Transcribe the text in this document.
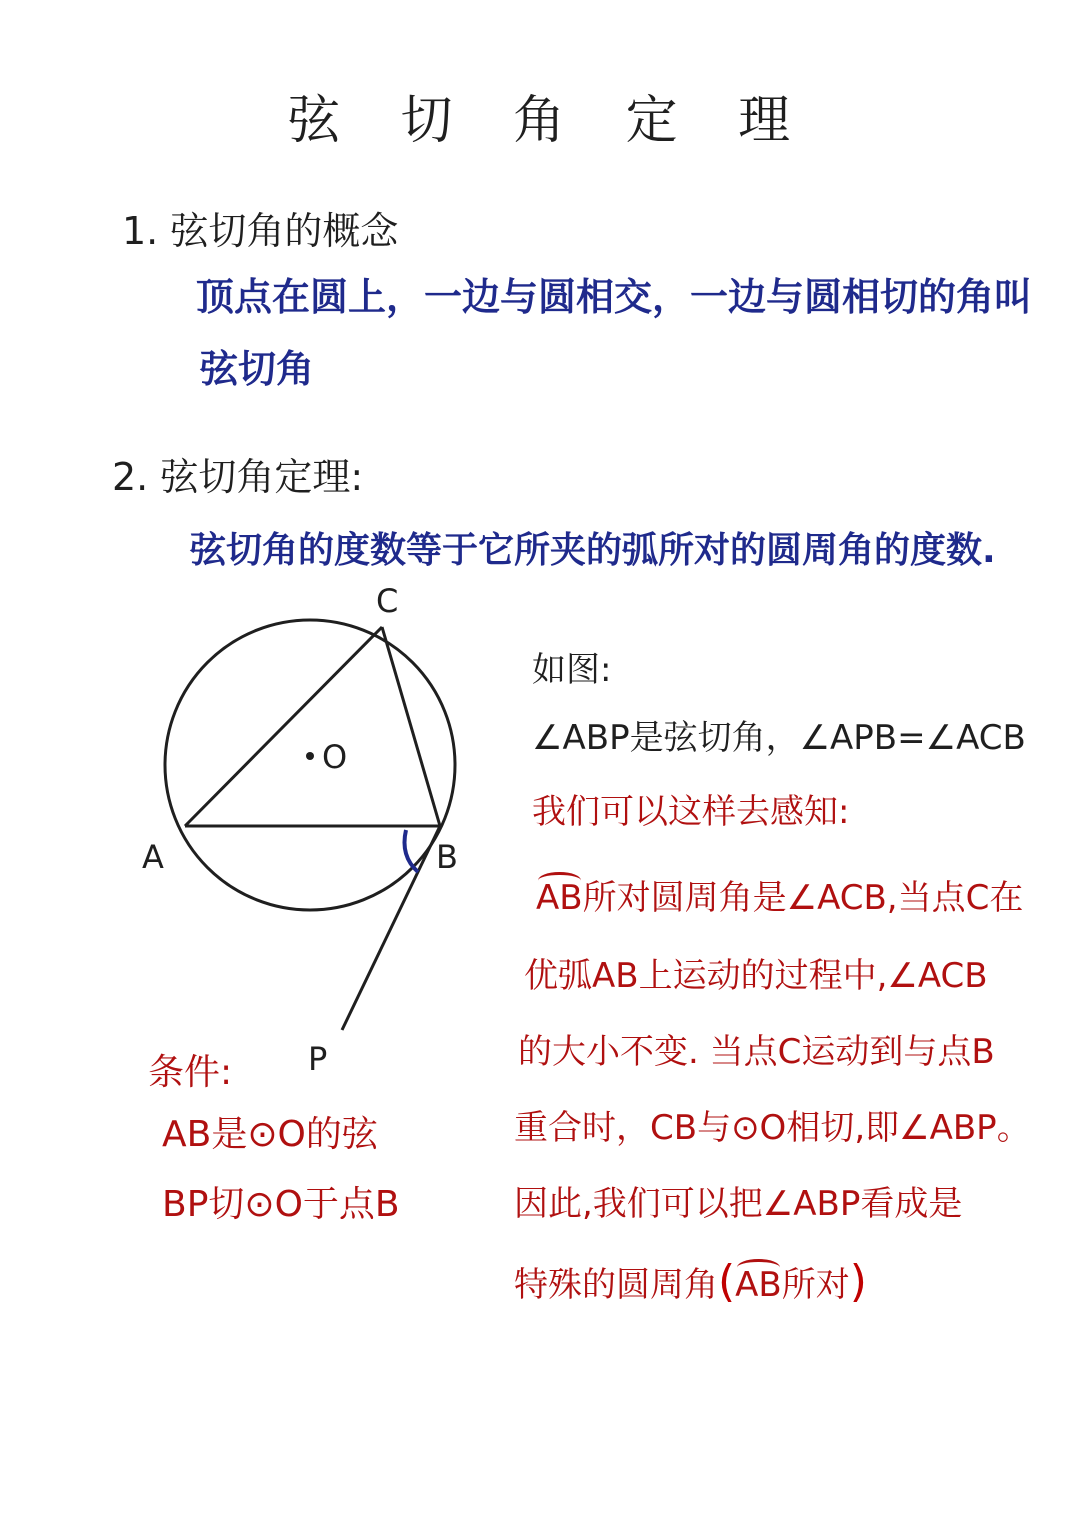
弦 切 角 定 理
1. 弦切角的概念
顶点在圆上，一边与圆相交，一边与圆相切的角叫
弦切角
2. 弦切角定理:
弦切角的度数等于它所夹的弧所对的圆周角的度数.
C
O
A	B
P
条件:
AB是⊙O的弦
BP切⊙O于点B
如图:
∠ABP是弦切角，∠APB=∠ACB
我们可以这样去感知:
AB所对圆周角是∠ACB,当点C在
优弧AB上运动的过程中,∠ACB
的大小不变. 当点C运动到与点B
重合时，CB与⊙O相切,即∠ABP。
因此,我们可以把∠ABP看成是
特殊的圆周角(AB所对)
